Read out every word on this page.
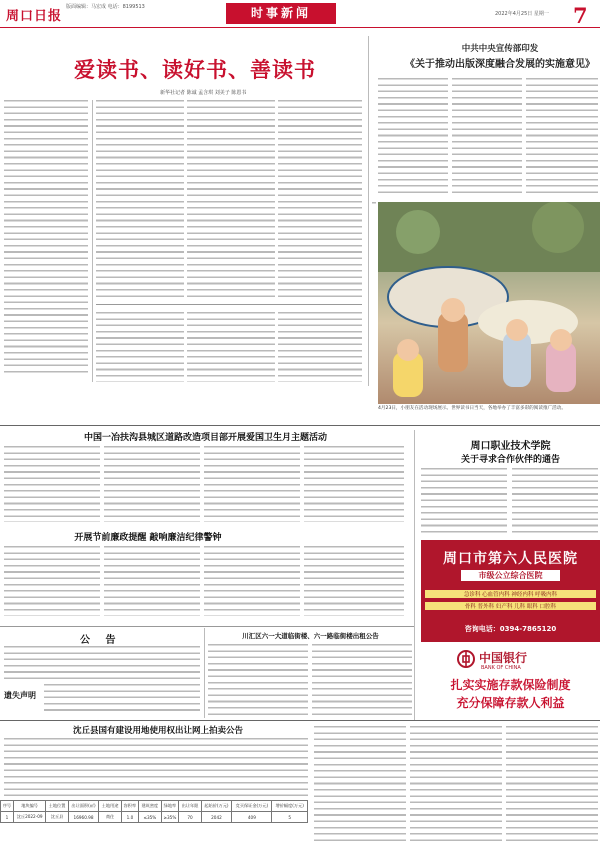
周口日报
版面编辑：马宏成 电话：8199513	时事新闻	2022年4月25日 星期一 7
爱读书、读好书、善读书
新华社记者 陈诚 孟含琪 刘美子 陈恩书
中共中央宣传部印发
《关于推动出版深度融合发展的实施意见》
4月23日，小朋友在活动现场展示。世界读书日当天，各地举办了丰富多彩的阅读推广活动。
中国一冶扶沟县城区道路改造项目部开展爱国卫生月主题活动
开展节前廉政提醒 敲响廉洁纪律警钟
周口职业技术学院
关于寻求合作伙伴的通告
周口市第六人民医院
市级公立综合医院
急诊科 心血管内科 神经内科 呼吸内科
骨科 普外科 妇产科 儿科 眼科 口腔科
咨询电话：0394-7865120
中国银行
BANK OF CHINA
扎实实施存款保险制度
充分保障存款人利益
公 告
遗失声明
川汇区六一大道临街楼、六一路临街楼出租公告
沈丘县国有建设用地使用权出让网上拍卖公告
序号	地块编号	土地位置	出让面积(㎡)	土地用途	容积率	建筑密度	绿地率	出让年限	起始价(万元)	竞买保证金(万元)	增价幅度(万元)
1	沈丘2022-09	沈丘县	16960.98	商住	1.0	≤35%	≥35%	70	2042	409	5
